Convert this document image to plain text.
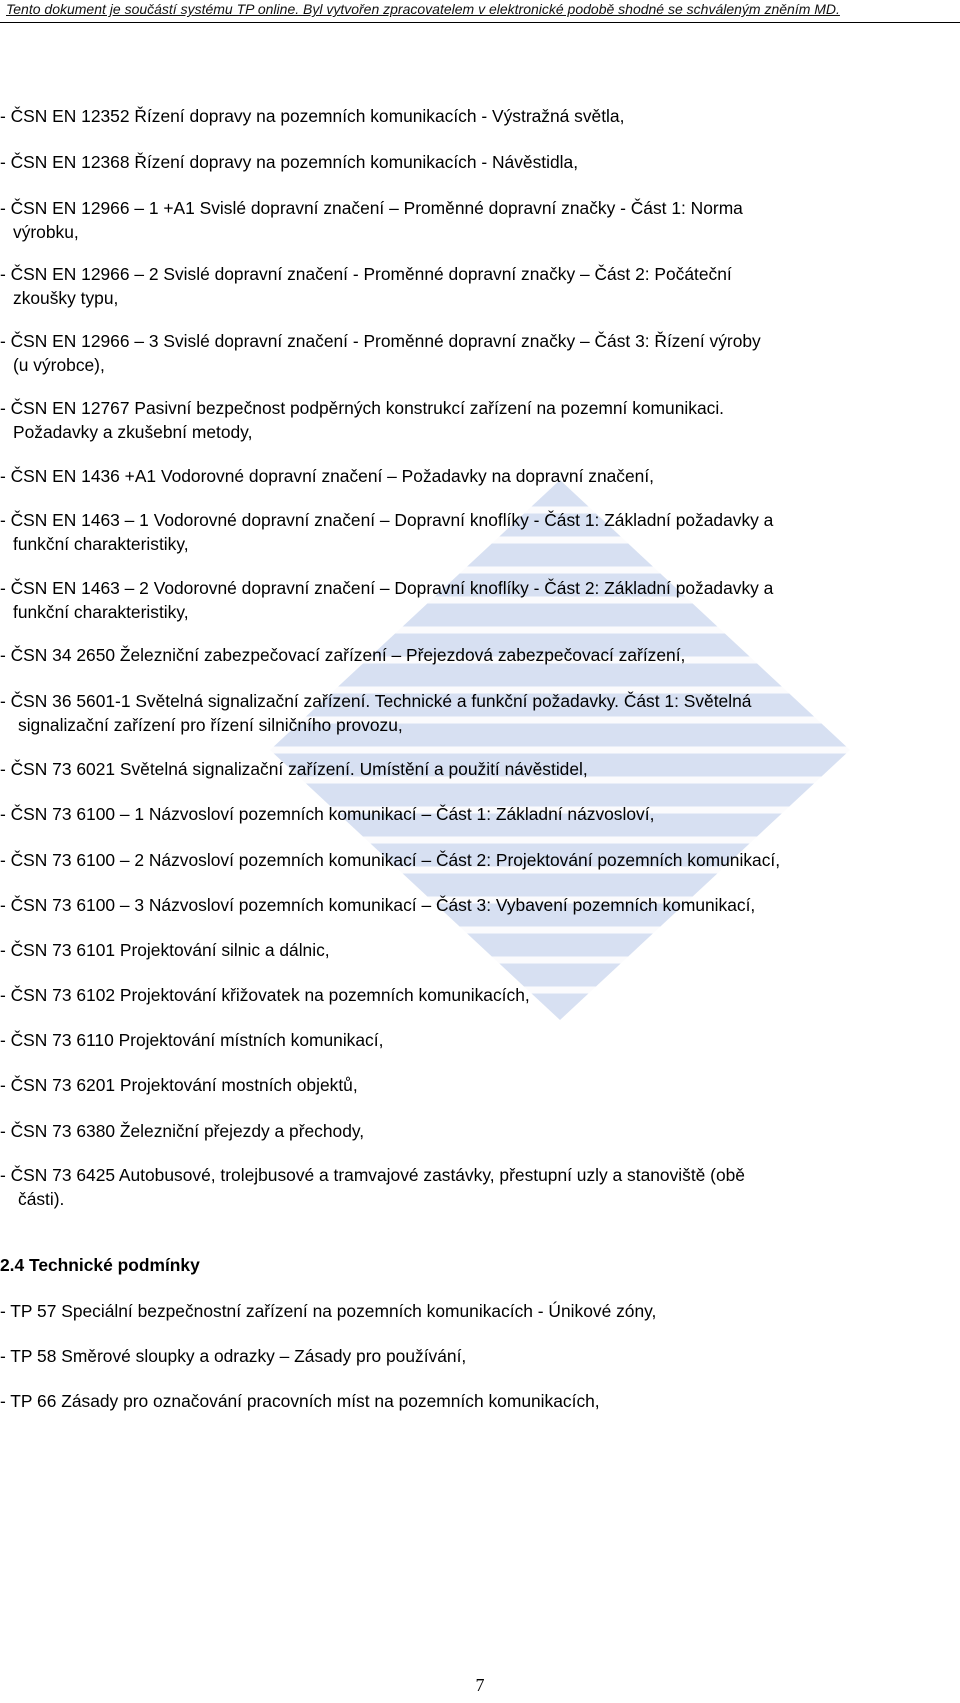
Tento dokument je součástí systému TP online. Byl vytvořen zpracovatelem v elektronické podobě shodné se schváleným zněním MD.
- ČSN EN 12352 Řízení dopravy na pozemních komunikacích - Výstražná světla,
- ČSN EN 12368 Řízení dopravy na pozemních komunikacích - Návěstidla,
- ČSN EN 12966 – 1 +A1 Svislé dopravní značení – Proměnné dopravní značky - Část 1: Norma
výrobku,
- ČSN EN 12966 – 2 Svislé dopravní značení - Proměnné dopravní značky – Část 2: Počáteční
zkoušky typu,
- ČSN EN 12966 – 3 Svislé dopravní značení - Proměnné dopravní značky – Část 3: Řízení výroby
(u výrobce),
- ČSN EN 12767 Pasivní bezpečnost podpěrných konstrukcí zařízení na pozemní komunikaci.
Požadavky a zkušební metody,
- ČSN EN 1436 +A1 Vodorovné dopravní značení – Požadavky na dopravní značení,
- ČSN EN 1463 – 1 Vodorovné dopravní značení – Dopravní knoflíky - Část 1: Základní požadavky a
funkční charakteristiky,
- ČSN EN 1463 – 2 Vodorovné dopravní značení – Dopravní knoflíky - Část 2: Základní požadavky a
funkční charakteristiky,
- ČSN 34 2650 Železniční zabezpečovací zařízení – Přejezdová zabezpečovací zařízení,
- ČSN 36 5601-1 Světelná signalizační zařízení. Technické a funkční požadavky. Část 1: Světelná
signalizační zařízení pro řízení silničního provozu,
- ČSN 73 6021 Světelná signalizační zařízení. Umístění a použití návěstidel,
- ČSN 73 6100 – 1 Názvosloví pozemních komunikací – Část 1: Základní názvosloví,
- ČSN 73 6100 – 2 Názvosloví pozemních komunikací – Část 2: Projektování pozemních komunikací,
- ČSN 73 6100 – 3 Názvosloví pozemních komunikací – Část 3: Vybavení pozemních komunikací,
- ČSN 73 6101 Projektování silnic a dálnic,
- ČSN 73 6102 Projektování křižovatek na pozemních komunikacích,
- ČSN 73 6110 Projektování místních komunikací,
- ČSN 73 6201 Projektování mostních objektů,
- ČSN 73 6380 Železniční přejezdy a přechody,
- ČSN 73 6425 Autobusové, trolejbusové a tramvajové zastávky, přestupní uzly a stanoviště (obě
části).
2.4 Technické podmínky
- TP 57 Speciální bezpečnostní zařízení na pozemních komunikacích - Únikové zóny,
- TP 58 Směrové sloupky a odrazky – Zásady pro používání,
- TP 66 Zásady pro označování pracovních míst na pozemních komunikacích,
7
